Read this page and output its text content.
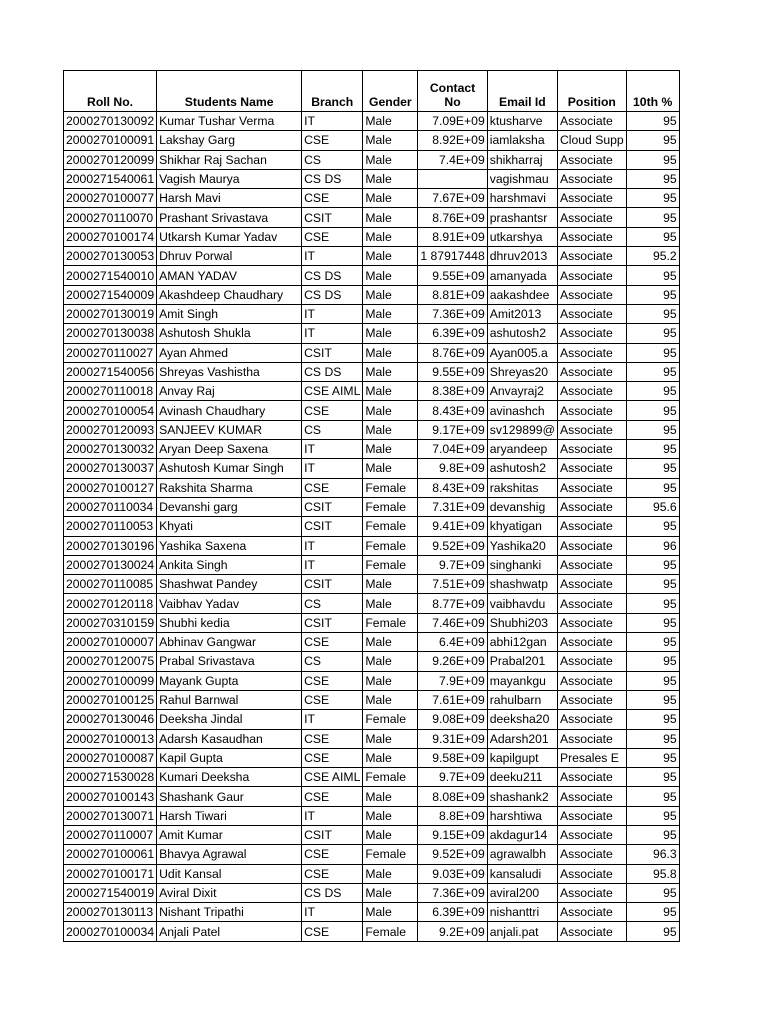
Roll No.	Students Name	Branch	Gender	Contact No	Email Id	Position	10th %
2000270130092	Kumar Tushar Verma	IT	Male	7.09E+09	ktusharve	Associate	95
2000270100091	Lakshay Garg	CSE	Male	8.92E+09	iamlaksha	Cloud Supp	95
2000270120099	Shikhar Raj Sachan	CS	Male	7.4E+09	shikharraj	Associate	95
2000271540061	Vagish Maurya	CS DS	Male		vagishmau	Associate	95
2000270100077	Harsh Mavi	CSE	Male	7.67E+09	harshmavi	Associate	95
2000270110070	Prashant Srivastava	CSIT	Male	8.76E+09	prashantsr	Associate	95
2000270100174	Utkarsh Kumar Yadav	CSE	Male	8.91E+09	utkarshya	Associate	95
2000270130053	Dhruv Porwal	IT	Male	1 87917448	dhruv2013	Associate	95.2
2000271540010	AMAN YADAV	CS DS	Male	9.55E+09	amanyada	Associate	95
2000271540009	Akashdeep Chaudhary	CS DS	Male	8.81E+09	aakashdee	Associate	95
2000270130019	Amit Singh	IT	Male	7.36E+09	Amit2013	Associate	95
2000270130038	Ashutosh Shukla	IT	Male	6.39E+09	ashutosh2	Associate	95
2000270110027	Ayan Ahmed	CSIT	Male	8.76E+09	Ayan005.a	Associate	95
2000271540056	Shreyas Vashistha	CS DS	Male	9.55E+09	Shreyas20	Associate	95
2000270110018	Anvay Raj	CSE AIML	Male	8.38E+09	Anvayraj2	Associate	95
2000270100054	Avinash Chaudhary	CSE	Male	8.43E+09	avinashch	Associate	95
2000270120093	SANJEEV KUMAR	CS	Male	9.17E+09	sv129899@	Associate	95
2000270130032	Aryan Deep Saxena	IT	Male	7.04E+09	aryandeep	Associate	95
2000270130037	Ashutosh Kumar Singh	IT	Male	9.8E+09	ashutosh2	Associate	95
2000270100127	Rakshita Sharma	CSE	Female	8.43E+09	rakshitas	Associate	95
2000270110034	Devanshi garg	CSIT	Female	7.31E+09	devanshig	Associate	95.6
2000270110053	Khyati	CSIT	Female	9.41E+09	khyatigan	Associate	95
2000270130196	Yashika Saxena	IT	Female	9.52E+09	Yashika20	Associate	96
2000270130024	Ankita Singh	IT	Female	9.7E+09	singhanki	Associate	95
2000270110085	Shashwat Pandey	CSIT	Male	7.51E+09	shashwatp	Associate	95
2000270120118	Vaibhav Yadav	CS	Male	8.77E+09	vaibhavdu	Associate	95
2000270310159	Shubhi kedia	CSIT	Female	7.46E+09	Shubhi203	Associate	95
2000270100007	Abhinav Gangwar	CSE	Male	6.4E+09	abhi12gan	Associate	95
2000270120075	Prabal Srivastava	CS	Male	9.26E+09	Prabal201	Associate	95
2000270100099	Mayank Gupta	CSE	Male	7.9E+09	mayankgu	Associate	95
2000270100125	Rahul Barnwal	CSE	Male	7.61E+09	rahulbarn	Associate	95
2000270130046	Deeksha Jindal	IT	Female	9.08E+09	deeksha20	Associate	95
2000270100013	Adarsh Kasaudhan	CSE	Male	9.31E+09	Adarsh201	Associate	95
2000270100087	Kapil Gupta	CSE	Male	9.58E+09	kapilgupt	Presales E	95
2000271530028	Kumari Deeksha	CSE AIML	Female	9.7E+09	deeku211	Associate	95
2000270100143	Shashank Gaur	CSE	Male	8.08E+09	shashank2	Associate	95
2000270130071	Harsh Tiwari	IT	Male	8.8E+09	harshtiwa	Associate	95
2000270110007	Amit Kumar	CSIT	Male	9.15E+09	akdagur14	Associate	95
2000270100061	Bhavya Agrawal	CSE	Female	9.52E+09	agrawalbh	Associate	96.3
2000270100171	Udit Kansal	CSE	Male	9.03E+09	kansaludi	Associate	95.8
2000271540019	Aviral Dixit	CS DS	Male	7.36E+09	aviral200	Associate	95
2000270130113	Nishant Tripathi	IT	Male	6.39E+09	nishanttri	Associate	95
2000270100034	Anjali Patel	CSE	Female	9.2E+09	anjali.pat	Associate	95
